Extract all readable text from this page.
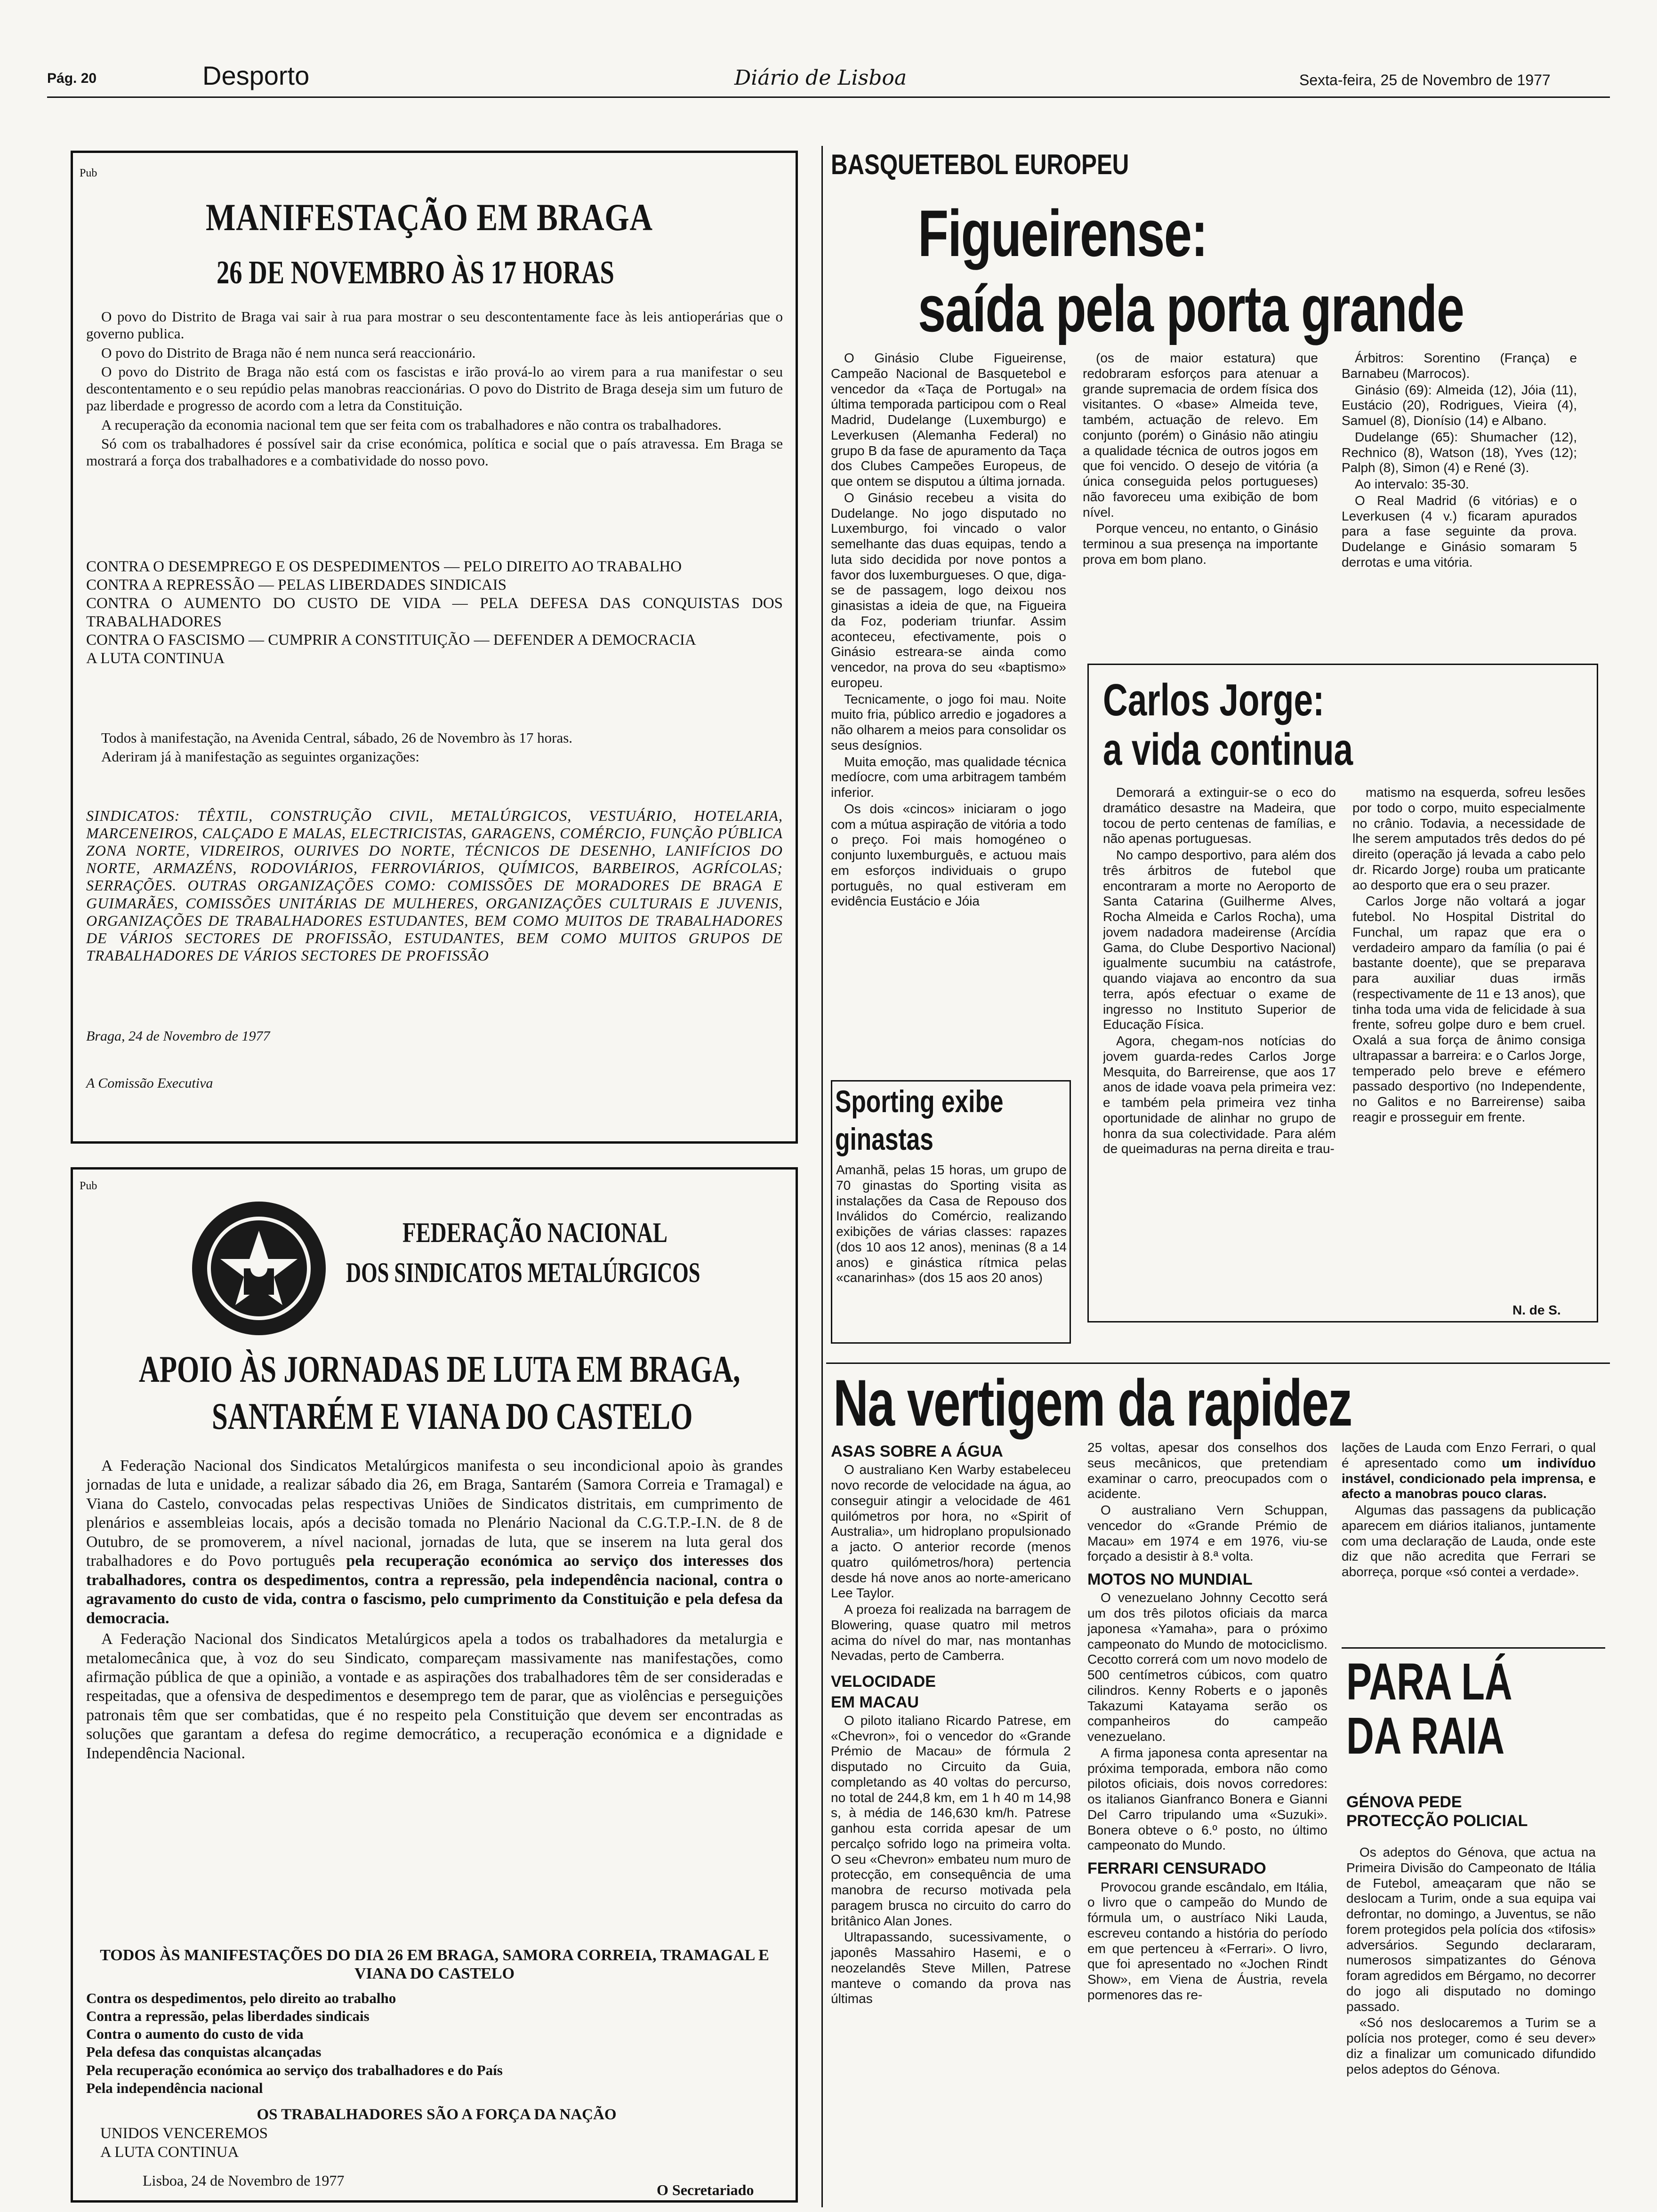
Pág. 20	Desporto	Diário de Lisboa	Sexta-feira, 25 de Novembro de 1977
Pub
MANIFESTAÇÃO EM BRAGA
26 DE NOVEMBRO ÀS 17 HORAS

O povo do Distrito de Braga vai sair à rua para mostrar o seu descontentamente face às leis antioperárias que o governo publica.

O povo do Distrito de Braga não é nem nunca será reaccionário.

O povo do Distrito de Braga não está com os fascistas e irão prová-lo ao virem para a rua manifestar o seu descontentamento e o seu repúdio pelas manobras reaccionárias. O povo do Distrito de Braga deseja sim um futuro de paz liberdade e progresso de acordo com a letra da Constituição.

A recuperação da economia nacional tem que ser feita com os trabalhadores e não contra os trabalhadores.

Só com os trabalhadores é possível sair da crise económica, política e social que o país atravessa. Em Braga se mostrará a força dos trabalhadores e a combatividade do nosso povo.

CONTRA O DESEMPREGO E OS DESPEDIMENTOS — PELO DIREITO AO TRABALHO
CONTRA A REPRESSÃO — PELAS LIBERDADES SINDICAIS
CONTRA O AUMENTO DO CUSTO DE VIDA — PELA DEFESA DAS CONQUISTAS DOS TRABALHADORES
CONTRA O FASCISMO — CUMPRIR A CONSTITUIÇÃO — DEFENDER A DEMOCRACIA
A LUTA CONTINUA

Todos à manifestação, na Avenida Central, sábado, 26 de Novembro às 17 horas.

Aderiram já à manifestação as seguintes organizações:

SINDICATOS: TÊXTIL, CONSTRUÇÃO CIVIL, METALÚRGICOS, VESTUÁRIO, HOTELARIA, MARCENEIROS, CALÇADO E MALAS, ELECTRICISTAS, GARAGENS, COMÉRCIO, FUNÇÃO PÚBLICA ZONA NORTE, VIDREIROS, OURIVES DO NORTE, TÉCNICOS DE DESENHO, LANIFÍCIOS DO NORTE, ARMAZÉNS, RODOVIÁRIOS, FERROVIÁRIOS, QUÍMICOS, BARBEIROS, AGRÍCOLAS; SERRAÇÕES. OUTRAS ORGANIZAÇÕES COMO: COMISSÕES DE MORADORES DE BRAGA E GUIMARÃES, COMISSÕES UNITÁRIAS DE MULHERES, ORGANIZAÇÕES CULTURAIS E JUVENIS, ORGANIZAÇÕES DE TRABALHADORES ESTUDANTES, BEM COMO MUITOS DE TRABALHADORES DE VÁRIOS SECTORES DE PROFISSÃO, ESTUDANTES, BEM COMO MUITOS GRUPOS DE TRABALHADORES DE VÁRIOS SECTORES DE PROFISSÃO
Braga, 24 de Novembro de 1977
A Comissão Executiva
Pub
FEDERAÇÃO NACIONAL
DOS SINDICATOS METALÚRGICOS
APOIO ÀS JORNADAS DE LUTA EM BRAGA,
SANTARÉM E VIANA DO CASTELO

A Federação Nacional dos Sindicatos Metalúrgicos manifesta o seu incondicional apoio às grandes jornadas de luta e unidade, a realizar sábado dia 26, em Braga, Santarém (Samora Correia e Tramagal) e Viana do Castelo, convocadas pelas respectivas Uniões de Sindicatos distritais, em cumprimento de plenários e assembleias locais, após a decisão tomada no Plenário Nacional da C.G.T.P.-I.N. de 8 de Outubro, de se promoverem, a nível nacional, jornadas de luta, que se inserem na luta geral dos trabalhadores e do Povo português pela recuperação económica ao serviço dos interesses dos trabalhadores, contra os despedimentos, contra a repressão, pela independência nacional, contra o agravamento do custo de vida, contra o fascismo, pelo cumprimento da Constituição e pela defesa da democracia.

A Federação Nacional dos Sindicatos Metalúrgicos apela a todos os trabalhadores da metalurgia e metalomecânica que, à voz do seu Sindicato, compareçam massivamente nas manifestações, como afirmação pública de que a opinião, a vontade e as aspirações dos trabalhadores têm de ser consideradas e respeitadas, que a ofensiva de despedimentos e desemprego tem de parar, que as violências e perseguições patronais têm que ser combatidas, que é no respeito pela Constituição que devem ser encontradas as soluções que garantam a defesa do regime democrático, a recuperação económica e a dignidade e Independência Nacional.

TODOS ÀS MANIFESTAÇÕES DO DIA 26 EM BRAGA, SAMORA CORREIA, TRAMAGAL E VIANA DO CASTELO
Contra os despedimentos, pelo direito ao trabalho
Contra a repressão, pelas liberdades sindicais
Contra o aumento do custo de vida
Pela defesa das conquistas alcançadas
Pela recuperação económica ao serviço dos trabalhadores e do País
Pela independência nacional
OS TRABALHADORES SÃO A FORÇA DA NAÇÃO
UNIDOS VENCEREMOS
A LUTA CONTINUA
Lisboa, 24 de Novembro de 1977
O Secretariado
BASQUETEBOL EUROPEU
Figueirense:
saída pela porta grande

O Ginásio Clube Figueirense, Campeão Nacional de Basquetebol e vencedor da «Taça de Portugal» na última temporada participou com o Real Madrid, Dudelange (Luxemburgo) e Leverkusen (Alemanha Federal) no grupo B da fase de apuramento da Taça dos Clubes Campeões Europeus, de que ontem se disputou a última jornada.

O Ginásio recebeu a visita do Dudelange. No jogo disputado no Luxemburgo, foi vincado o valor semelhante das duas equipas, tendo a luta sido decidida por nove pontos a favor dos luxemburgueses. O que, diga-se de passagem, logo deixou nos ginasistas a ideia de que, na Figueira da Foz, poderiam triunfar. Assim aconteceu, efectivamente, pois o Ginásio estreara-se ainda como vencedor, na prova do seu «baptismo» europeu.

Tecnicamente, o jogo foi mau. Noite muito fria, público arredio e jogadores a não olharem a meios para consolidar os seus desígnios.

Muita emoção, mas qualidade técnica medíocre, com uma arbitragem também inferior.

Os dois «cincos» iniciaram o jogo com a mútua aspiração de vitória a todo o preço. Foi mais homogéneo o conjunto luxemburguês, e actuou mais em esforços individuais o grupo português, no qual estiveram em evidência Eustácio e Jóia

(os de maior estatura) que redobraram esforços para atenuar a grande supremacia de ordem física dos visitantes. O «base» Almeida teve, também, actuação de relevo. Em conjunto (porém) o Ginásio não atingiu a qualidade técnica de outros jogos em que foi vencido. O desejo de vitória (a única conseguida pelos portugueses) não favoreceu uma exibição de bom nível.

Porque venceu, no entanto, o Ginásio terminou a sua presença na importante prova em bom plano.

Árbitros: Sorentino (França) e Barnabeu (Marrocos).

Ginásio (69): Almeida (12), Jóia (11), Eustácio (20), Rodrigues, Vieira (4), Samuel (8), Dionísio (14) e Albano.

Dudelange (65): Shumacher (12), Rechnico (8), Watson (18), Yves (12); Palph (8), Simon (4) e René (3).

Ao intervalo: 35-30.

O Real Madrid (6 vitórias) e o Leverkusen (4 v.) ficaram apurados para a fase seguinte da prova. Dudelange e Ginásio somaram 5 derrotas e uma vitória.

Sporting exibe
ginastas
Amanhã, pelas 15 horas, um grupo de 70 ginastas do Sporting visita as instalações da Casa de Repouso dos Inválidos do Comércio, realizando exibições de várias classes: rapazes (dos 10 aos 12 anos), meninas (8 a 14 anos) e ginástica rítmica pelas «canarinhas» (dos 15 aos 20 anos)
Carlos Jorge:
a vida continua

Demorará a extinguir-se o eco do dramático desastre na Madeira, que tocou de perto centenas de famílias, e não apenas portuguesas.

No campo desportivo, para além dos três árbitros de futebol que encontraram a morte no Aeroporto de Santa Catarina (Guilherme Alves, Rocha Almeida e Carlos Rocha), uma jovem nadadora madeirense (Arcídia Gama, do Clube Desportivo Nacional) igualmente sucumbiu na catástrofe, quando viajava ao encontro da sua terra, após efectuar o exame de ingresso no Instituto Superior de Educação Física.

Agora, chegam-nos notícias do jovem guarda-redes Carlos Jorge Mesquita, do Barreirense, que aos 17 anos de idade voava pela primeira vez: e também pela primeira vez tinha oportunidade de alinhar no grupo de honra da sua colectividade. Para além de queimaduras na perna direita e trau-

matismo na esquerda, sofreu lesões por todo o corpo, muito especialmente no crânio. Todavia, a necessidade de lhe serem amputados três dedos do pé direito (operação já levada a cabo pelo dr. Ricardo Jorge) rouba um praticante ao desporto que era o seu prazer.

Carlos Jorge não voltará a jogar futebol. No Hospital Distrital do Funchal, um rapaz que era o verdadeiro amparo da família (o pai é bastante doente), que se preparava para auxiliar duas irmãs (respectivamente de 11 e 13 anos), que tinha toda uma vida de felicidade à sua frente, sofreu golpe duro e bem cruel. Oxalá a sua força de ânimo consiga ultrapassar a barreira: e o Carlos Jorge, temperado pelo breve e efémero passado desportivo (no Independente, no Galitos e no Barreirense) saiba reagir e prosseguir em frente.

N. de S.
Na vertigem da rapidez
ASAS SOBRE A ÁGUA

O australiano Ken Warby estabeleceu novo recorde de velocidade na água, ao conseguir atingir a velocidade de 461 quilómetros por hora, no «Spirit of Australia», um hidroplano propulsionado a jacto. O anterior recorde (menos quatro quilómetros/hora) pertencia desde há nove anos ao norte-americano Lee Taylor.

A proeza foi realizada na barragem de Blowering, quase quatro mil metros acima do nível do mar, nas montanhas Nevadas, perto de Camberra.

VELOCIDADE
EM MACAU

O piloto italiano Ricardo Patrese, em «Chevron», foi o vencedor do «Grande Prémio de Macau» de fórmula 2 disputado no Circuito da Guia, completando as 40 voltas do percurso, no total de 244,8 km, em 1 h 40 m 14,98 s, à média de 146,630 km/h. Patrese ganhou esta corrida apesar de um percalço sofrido logo na primeira volta. O seu «Chevron» embateu num muro de protecção, em consequência de uma manobra de recurso motivada pela paragem brusca no circuito do carro do britânico Alan Jones.

Ultrapassando, sucessivamente, o japonês Massahiro Hasemi, e o neozelandês Steve Millen, Patrese manteve o comando da prova nas últimas

25 voltas, apesar dos conselhos dos seus mecânicos, que pretendiam examinar o carro, preocupados com o acidente.

O australiano Vern Schuppan, vencedor do «Grande Prémio de Macau» em 1974 e em 1976, viu-se forçado a desistir à 8.ª volta.

MOTOS NO MUNDIAL

O venezuelano Johnny Cecotto será um dos três pilotos oficiais da marca japonesa «Yamaha», para o próximo campeonato do Mundo de motociclismo. Cecotto correrá com um novo modelo de 500 centímetros cúbicos, com quatro cilindros. Kenny Roberts e o japonês Takazumi Katayama serão os companheiros do campeão venezuelano.

A firma japonesa conta apresentar na próxima temporada, embora não como pilotos oficiais, dois novos corredores: os italianos Gianfranco Bonera e Gianni Del Carro tripulando uma «Suzuki». Bonera obteve o 6.º posto, no último campeonato do Mundo.

FERRARI CENSURADO

Provocou grande escândalo, em Itália, o livro que o campeão do Mundo de fórmula um, o austríaco Niki Lauda, escreveu contando a história do período em que pertenceu à «Ferrari». O livro, que foi apresentado no «Jochen Rindt Show», em Viena de Áustria, revela pormenores das re-

lações de Lauda com Enzo Ferrari, o qual é apresentado como um indivíduo instável, condicionado pela imprensa, e afecto a manobras pouco claras.

Algumas das passagens da publicação aparecem em diários italianos, juntamente com uma declaração de Lauda, onde este diz que não acredita que Ferrari se aborreça, porque «só contei a verdade».

PARA LÁ
DA RAIA
GÉNOVA PEDE
PROTECÇÃO POLICIAL

Os adeptos do Génova, que actua na Primeira Divisão do Campeonato de Itália de Futebol, ameaçaram que não se deslocam a Turim, onde a sua equipa vai defrontar, no domingo, a Juventus, se não forem protegidos pela polícia dos «tifosis» adversários. Segundo declararam, numerosos simpatizantes do Génova foram agredidos em Bérgamo, no decorrer do jogo ali disputado no domingo passado.

«Só nos deslocaremos a Turim se a polícia nos proteger, como é seu dever» diz a finalizar um comunicado difundido pelos adeptos do Génova.
